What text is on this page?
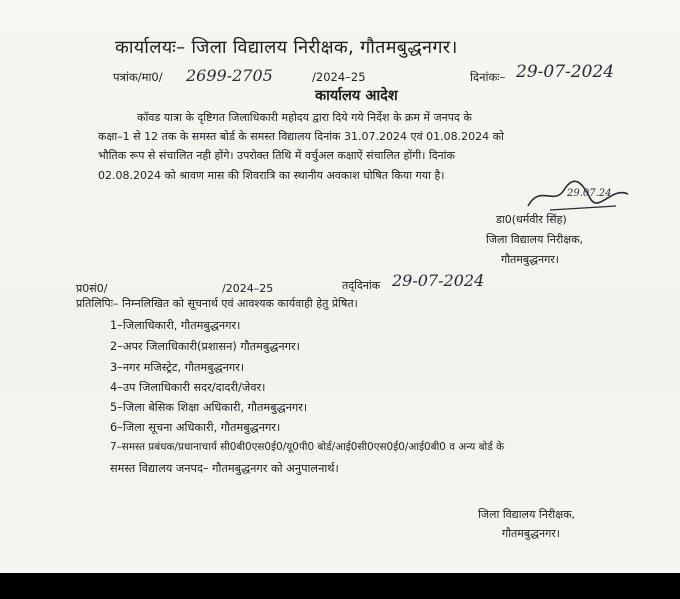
कार्यालयः– जिला विद्यालय निरीक्षक, गौतमबुद्धनगर।
पत्रांक/मा0/ 2699-2705	/2024–25	दिनांकः– 29-07-2024
कार्यालय आदेश
कॉवड यात्रा के दृष्टिगत जिलाधिकारी महोदय द्वारा दिये गये निर्देश के क्रम में जनपद के
कक्षा–1 से 12 तक के समस्त बोर्ड के समस्त विद्यालय दिनांक 31.07.2024 एवं 01.08.2024 को
भौतिक रूप से संचालित नही होंगे। उपरोक्त तिथि में वर्चुअल कक्षाऐं संचालित होंगी। दिनांक
02.08.2024 को श्रावण मास की शिवरात्रि का स्थानीय अवकाश घोषित किया गया है।
29.07.24
डा0(धर्मवीर सिंह)
जिला विद्यालय निरीक्षक,
गौतमबुद्धनगर।
प्र0सं0/	/2024–25	तद्‌दिनांक 29-07-2024
प्रतिलिपिः– निम्नलिखित को सूचनार्थ एवं आवश्यक कार्यवाही हेतु प्रेषित।
1–जिलाधिकारी, गौतमबुद्धनगर।
2–अपर जिलाधिकारी(प्रशासन) गौतमबुद्धनगर।
3–नगर मजिस्ट्रेट, गौतमबुद्धनगर।
4–उप जिलाधिकारी सदर/दादरी/जेवर।
5–जिला बेसिक शिक्षा अधिकारी, गौतमबुद्धनगर।
6–जिला सूचना अधिकारी, गौतमबुद्धनगर।
7–समस्त प्रबंधक/प्रधानाचार्य सी0बी0एस0ई0/यू0पी0 बोर्ड/आई0सी0एस0ई0/आई0बी0 व अन्य बोर्ड के
समस्त विद्यालय जनपद– गौतमबुद्धनगर को अनुपालनार्थ।
जिला विद्यालय निरीक्षक,
गौतमबुद्धनगर।
